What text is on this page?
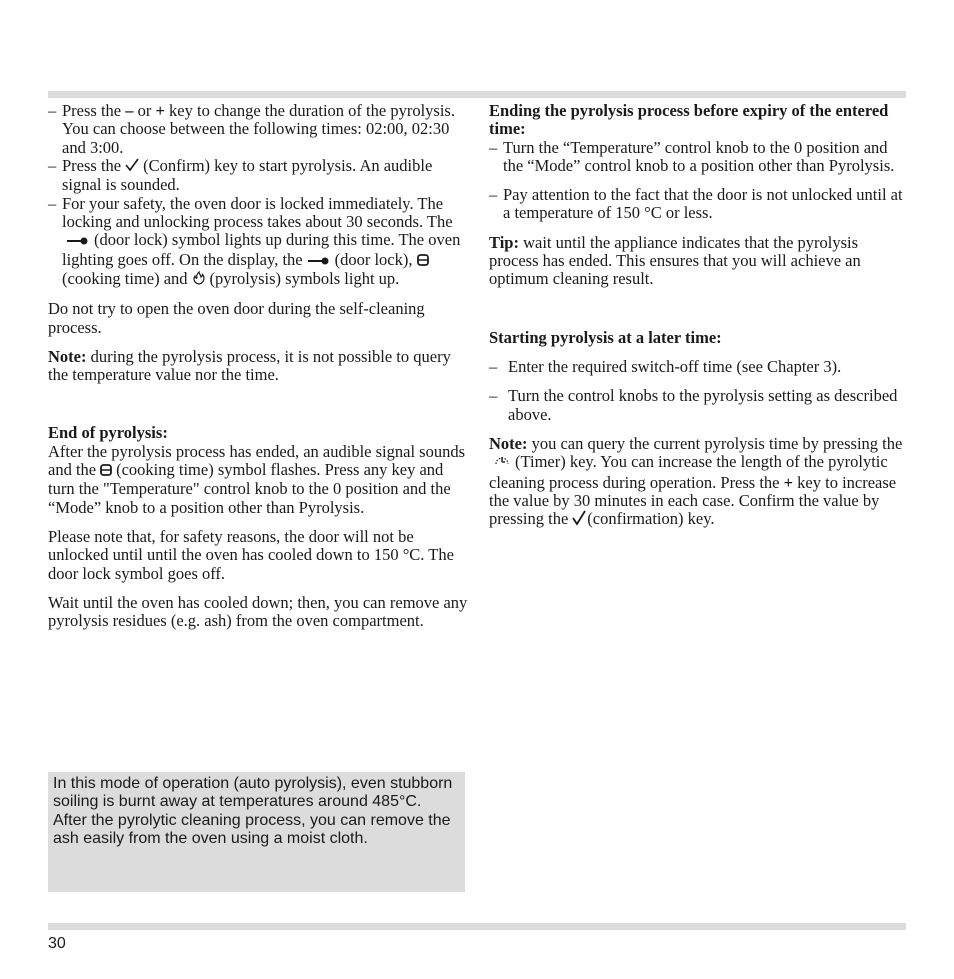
– Press the – or + key to change the duration of the pyrolysis. You can choose between the following times: 02:00, 02:30 and 3:00.

– Press the (Confirm) key to start pyrolysis. An audible signal is sounded.

– For your safety, the oven door is locked immediately. The locking and unlocking process takes about 30 seconds. The(door lock) symbol lights up during this time. The oven lighting goes off. On the display, the (door lock),(cooking time) and (pyrolysis) symbols light up.

Do not try to open the oven door during the self-cleaning process.

Note: during the pyrolysis process, it is not possible to query the temperature value nor the time.

End of pyrolysis:

After the pyrolysis process has ended, an audible signal sounds and the (cooking time) symbol flashes. Press any key and turn the "Temperature" control knob to the 0 position and the “Mode” knob to a position other than Pyrolysis.

Please note that, for safety reasons, the door will not be unlocked until until the oven has cooled down to 150 °C. The door lock symbol goes off.

Wait until the oven has cooled down; then, you can remove any pyrolysis residues (e.g. ash) from the oven compartment.

In this mode of operation (auto pyrolysis), even stubborn soiling is burnt away at temperatures around 485°C.

After the pyrolytic cleaning process, you can remove the ash easily from the oven using a moist cloth.

Ending the pyrolysis process before expiry of the entered time:

– Turn the “Temperature” control knob to the 0 position and the “Mode” control knob to a position other than Pyrolysis.

– Pay attention to the fact that the door is not unlocked until at a temperature of 150 °C or less.

Tip: wait until the appliance indicates that the pyrolysis process has ended. This ensures that you will achieve an optimum cleaning result.

Starting pyrolysis at a later time:

– Enter the required switch-off time (see Chapter 3).

– Turn the control knobs to the pyrolysis setting as described above.

Note: you can query the current pyrolysis time by pressing the(Timer) key. You can increase the length of the pyrolytic cleaning process during operation. Press the + key to increase the value by 30 minutes in each case. Confirm the value by pressing the (confirmation) key.

30
